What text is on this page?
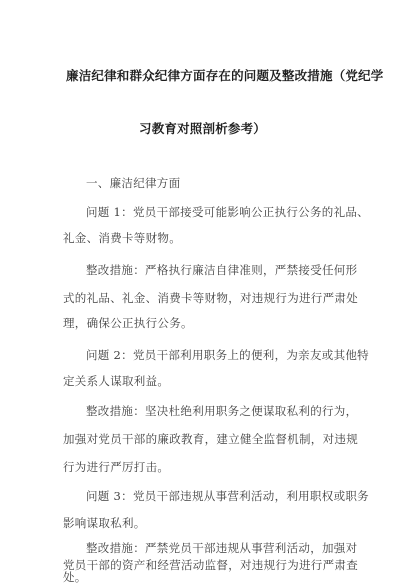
廉洁纪律和群众纪律方面存在的问题及整改措施（党纪学
习教育对照剖析参考）
一、廉洁纪律方面
问题 1：党员干部接受可能影响公正执行公务的礼品、
礼金、消费卡等财物。
整改措施：严格执行廉洁自律准则，严禁接受任何形
式的礼品、礼金、消费卡等财物，对违规行为进行严肃处
理，确保公正执行公务。
问题 2：党员干部利用职务上的便利，为亲友或其他特
定关系人谋取利益。
整改措施：坚决杜绝利用职务之便谋取私利的行为，
加强对党员干部的廉政教育，建立健全监督机制，对违规
行为进行严厉打击。
问题 3：党员干部违规从事营利活动，利用职权或职务
影响谋取私利。
整改措施：严禁党员干部违规从事营利活动，加强对
党员干部的资产和经营活动监督，对违规行为进行严肃查
处。
